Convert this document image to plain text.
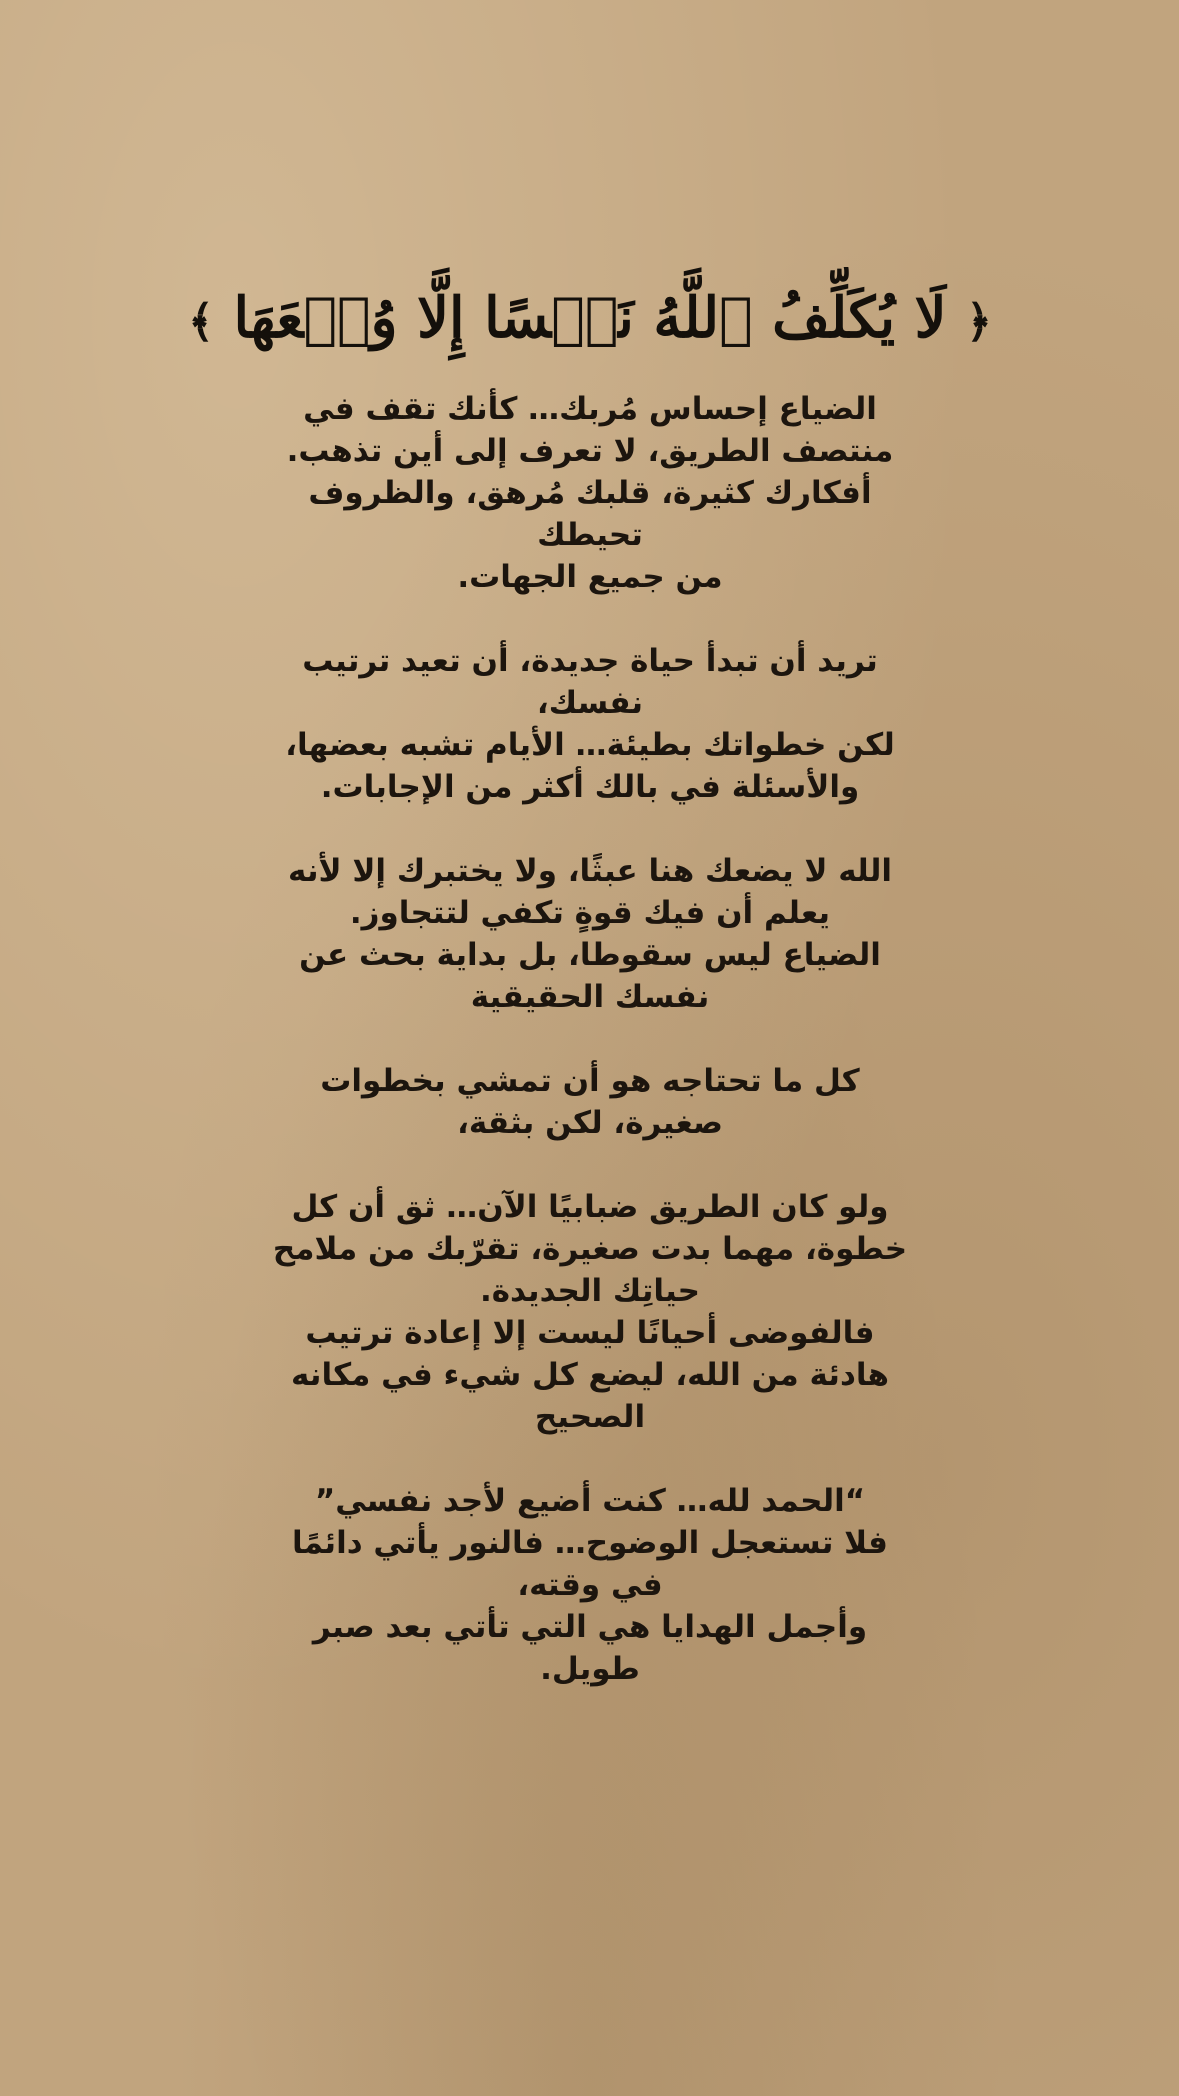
﴿ لَا يُكَلِّفُ ٱللَّهُ نَفۡسًا إِلَّا وُسۡعَهَا ﴾
الضياع إحساس مُربك… كأنك تقف في
منتصف الطريق، لا تعرف إلى أين تذهب.
أفكارك كثيرة، قلبك مُرهق، والظروف تحيطك
من جميع الجهات.
تريد أن تبدأ حياة جديدة، أن تعيد ترتيب
نفسك،
لكن خطواتك بطيئة… الأيام تشبه بعضها،
والأسئلة في بالك أكثر من الإجابات.
الله لا يضعك هنا عبثًا، ولا يختبرك إلا لأنه
يعلم أن فيك قوةٍ تكفي لتتجاوز.
الضياع ليس سقوطا، بل بداية بحث عن
نفسك الحقيقية
كل ما تحتاجه هو أن تمشي بخطوات
صغيرة، لكن بثقة،
ولو كان الطريق ضبابيًا الآن… ثق أن كل
خطوة، مهما بدت صغيرة، تقرّبك من ملامح
حياتِك الجديدة.
فالفوضى أحيانًا ليست إلا إعادة ترتيب
هادئة من الله، ليضع كل شيء في مكانه
الصحيح
“الحمد لله… كنت أضيع لأجد نفسي”
فلا تستعجل الوضوح… فالنور يأتي دائمًا
في وقته،
وأجمل الهدايا هي التي تأتي بعد صبر
طويل.
